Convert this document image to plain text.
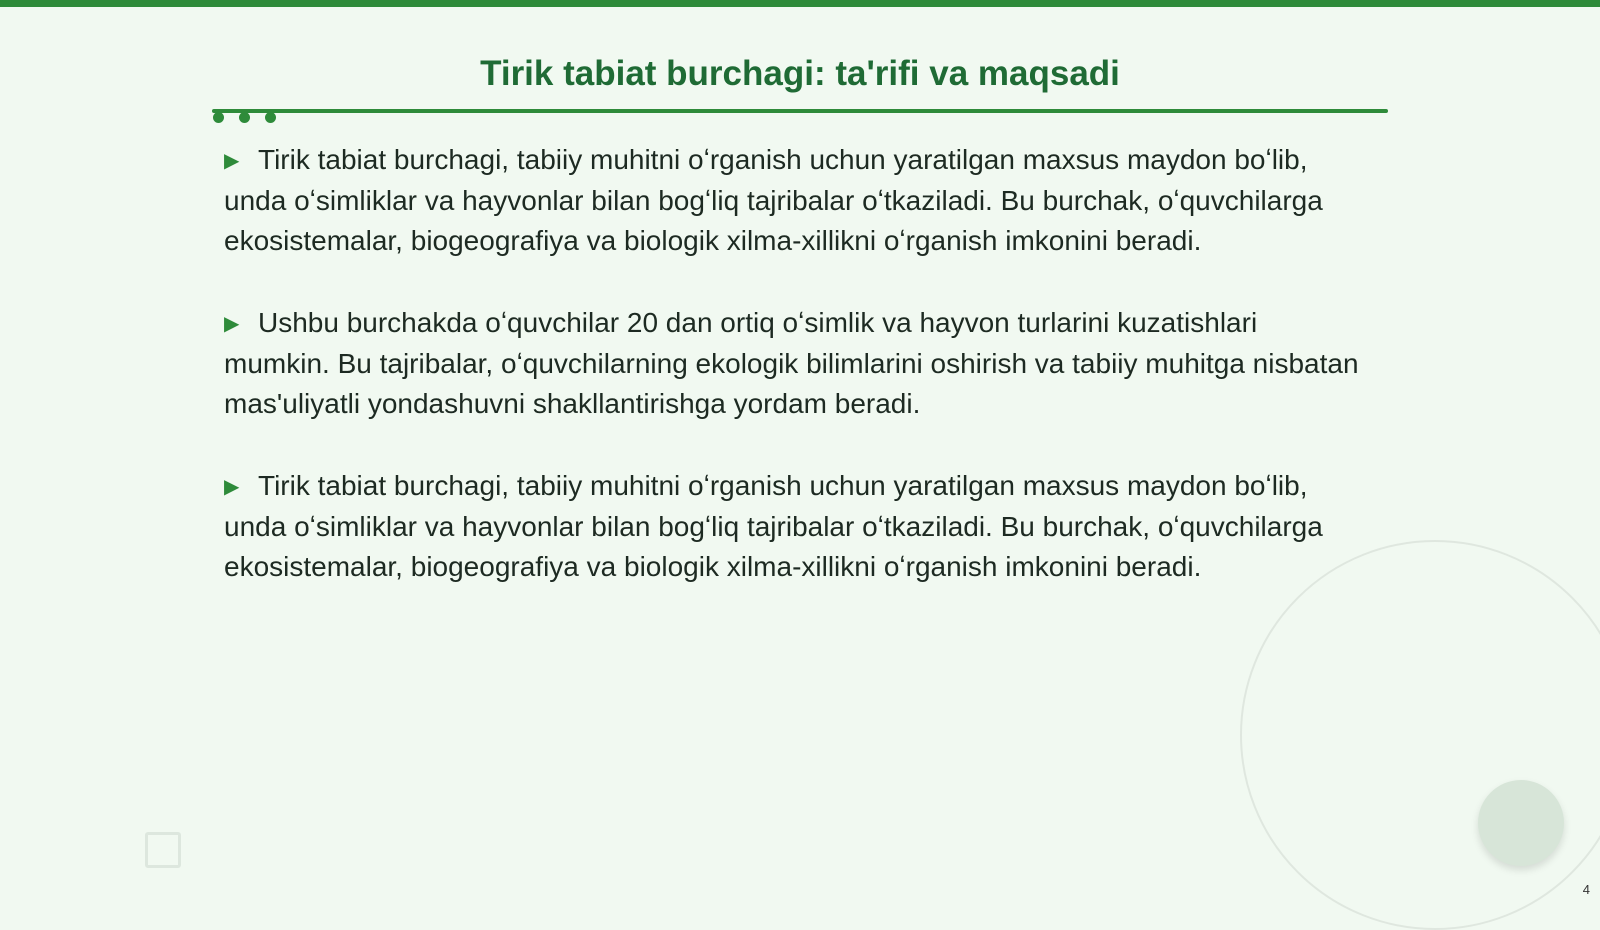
Tirik tabiat burchagi: ta'rifi va maqsadi

▶ Tirik tabiat burchagi, tabiiy muhitni oʻrganish uchun yaratilgan maxsus maydon boʻlib, unda oʻsimliklar va hayvonlar bilan bogʻliq tajribalar oʻtkaziladi. Bu burchak, oʻquvchilarga ekosistemalar, biogeografiya va biologik xilma-xillikni oʻrganish imkonini beradi.

▶ Ushbu burchakda oʻquvchilar 20 dan ortiq oʻsimlik va hayvon turlarini kuzatishlari mumkin. Bu tajribalar, oʻquvchilarning ekologik bilimlarini oshirish va tabiiy muhitga nisbatan mas'uliyatli yondashuvni shakllantirishga yordam beradi.

▶ Tirik tabiat burchagi, tabiiy muhitni oʻrganish uchun yaratilgan maxsus maydon boʻlib, unda oʻsimliklar va hayvonlar bilan bogʻliq tajribalar oʻtkaziladi. Bu burchak, oʻquvchilarga ekosistemalar, biogeografiya va biologik xilma-xillikni oʻrganish imkonini beradi.

4
